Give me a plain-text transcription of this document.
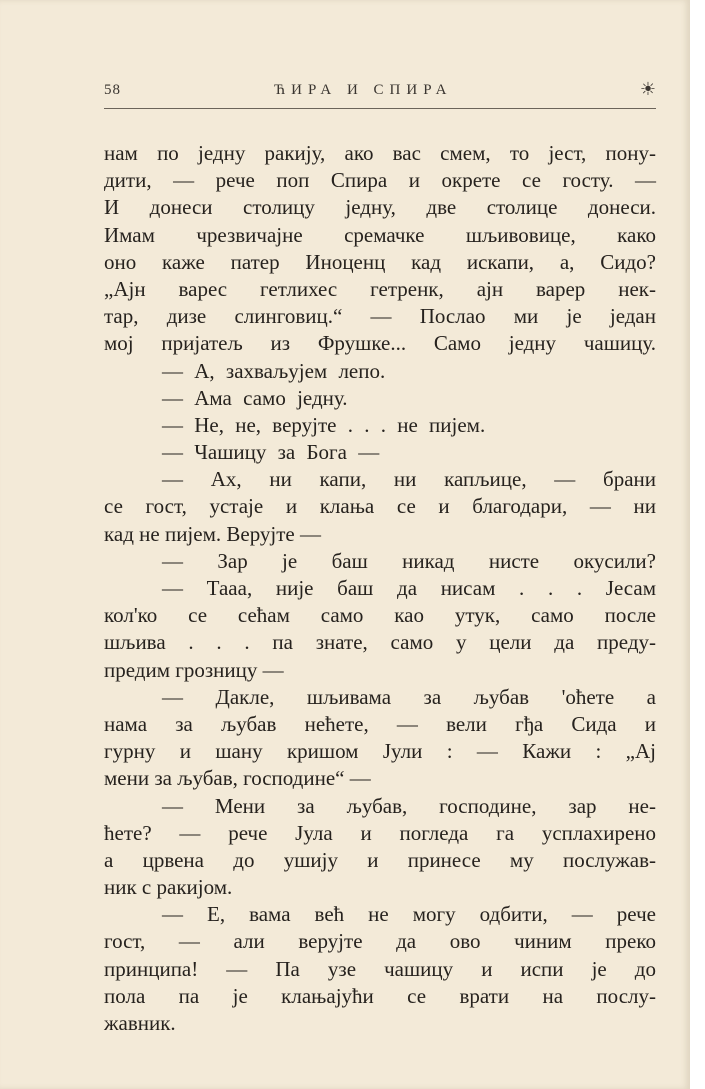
58	ЋИРА И СПИРА	☀
нам по једну ракију, ако вас смем, то јест, пону-
дити, — рече поп Спира и окрете се госту. —
И донеси столицу једну, две столице донеси.
Имам чрезвичајне сремачке шљивовице, како
оно каже патер Иноценц кад искапи, а, Сидо?
„Ајн варес гетлихес гетренк, ајн варер нек-
тар, дизе слинговиц.“ — Послао ми је један
мој пријатељ из Фрушке... Само једну чашицу.
— А, захваљујем лепо.
— Ама само једну.
— Не, не, верујте . . . не пијем.
— Чашицу за Бога —
— Ах, ни капи, ни капљице, — брани
се гост, устаје и клања се и благодари, — ни
кад не пијем. Верујте —
— Зар је баш никад нисте окусили?
— Тааа, није баш да нисам . . . Јесам
кол'ко се сећам само као утук, само после
шљива . . . па знате, само у цели да преду-
предим грозницу —
— Дакле, шљивама за љубав 'оћете а
нама за љубав нећете, — вели гђа Сида и
гурну и шану кришом Јули : — Кажи : „Ај
мени за љубав, господине“ —
— Мени за љубав, господине, зар не-
ћете? — рече Јула и погледа га усплахирено
а црвена до ушију и принесе му послужав-
ник с ракијом.
— Е, вама већ не могу одбити, — рече
гост, — али верујте да ово чиним преко
принципа! — Па узе чашицу и испи је до
пола па је клањајући се врати на послу-
жавник.
